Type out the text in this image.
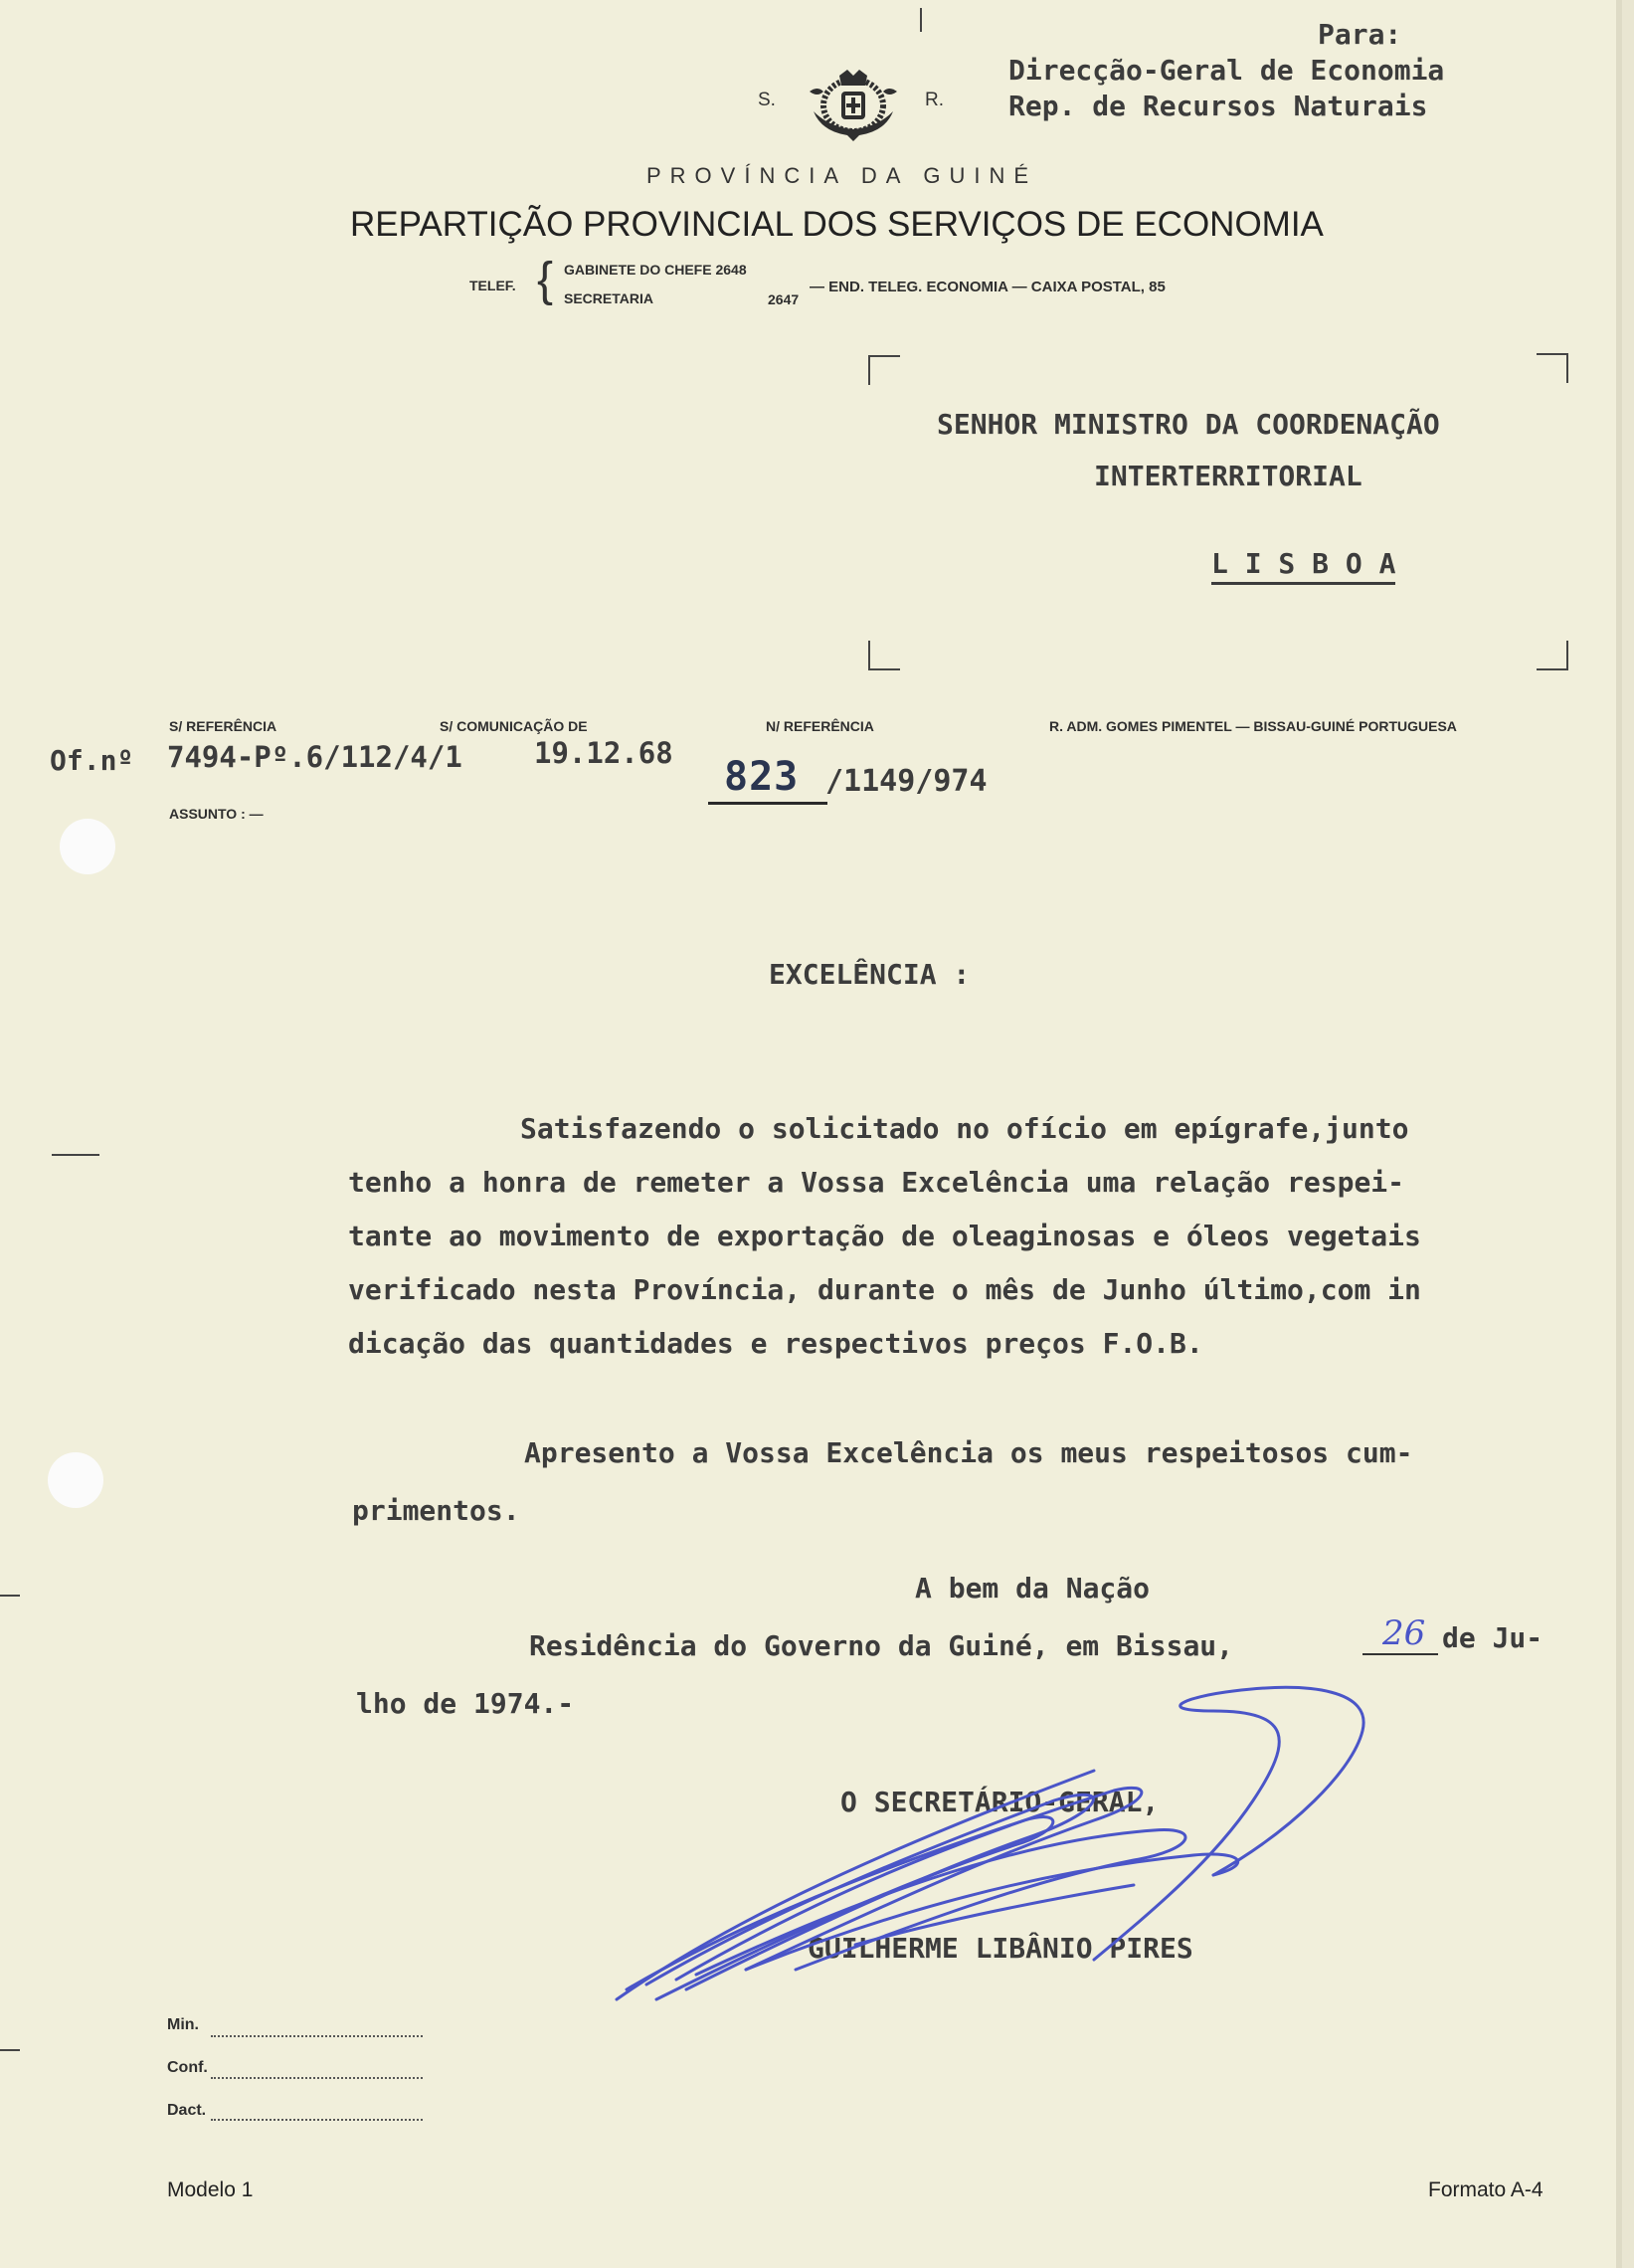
Para:
Direcção-Geral de Economia
Rep. de Recursos Naturais
S.	R.
PROVÍNCIA DA GUINÉ
REPARTIÇÃO PROVINCIAL DOS SERVIÇOS DE ECONOMIA
TELEF. { GABINETE DO CHEFE 2648
SECRETARIA	2647
— END. TELEG. ECONOMIA — CAIXA POSTAL, 85
SENHOR MINISTRO DA COORDENAÇÃO
INTERTERRITORIAL
L I S B O A
S/ REFERÊNCIA	S/ COMUNICAÇÃO DE	N/ REFERÊNCIA	R. ADM. GOMES PIMENTEL — BISSAU-GUINÉ PORTUGUESA
Of.nº 7494-Pº.6/112/4/1 19.12.68
823 /1149/974
ASSUNTO : —
EXCELÊNCIA :
Satisfazendo o solicitado no ofício em epígrafe,junto
tenho a honra de remeter a Vossa Excelência uma relação respei-
tante ao movimento de exportação de oleaginosas e óleos vegetais
verificado nesta Província, durante o mês de Junho último,com in
dicação das quantidades e respectivos preços F.O.B.
Apresento a Vossa Excelência os meus respeitosos cum-
primentos.
A bem da Nação
Residência do Governo da Guiné, em Bissau,	26 de Ju-
lho de 1974.-
O SECRETÁRIO-GERAL,
GUILHERME LIBÂNIO PIRES
Min.
Conf.
Dact.
Modelo 1	Formato A-4
